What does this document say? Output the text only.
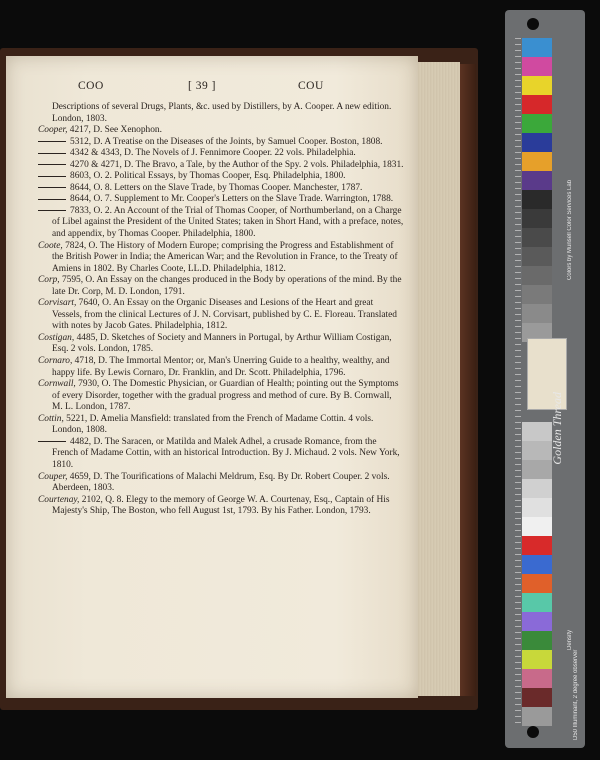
COO	[ 39 ]	COU

Descriptions of several Drugs, Plants, &c. used by Distillers, by A. Cooper. A new edition. London, 1803.

Cooper, 4217, D. See Xenophon.

5312, D. A Treatise on the Diseases of the Joints, by Samuel Cooper. Boston, 1808.

4342 & 4343, D. The Novels of J. Fennimore Cooper. 22 vols. Philadelphia.

4270 & 4271, D. The Bravo, a Tale, by the Author of the Spy. 2 vols. Philadelphia, 1831.

8603, O. 2. Political Essays, by Thomas Cooper, Esq. Philadelphia, 1800.

8644, O. 8. Letters on the Slave Trade, by Thomas Cooper. Manchester, 1787.

8644, O. 7. Supplement to Mr. Cooper's Letters on the Slave Trade. Warrington, 1788.

7833, O. 2. An Account of the Trial of Thomas Cooper, of Northumberland, on a Charge of Libel against the President of the United States; taken in Short Hand, with a preface, notes, and appendix, by Thomas Cooper. Philadelphia, 1800.

Coote, 7824, O. The History of Modern Europe; comprising the Progress and Establishment of the British Power in India; the American War; and the Revolution in France, to the Treaty of Amiens in 1802. By Charles Coote, LL.D. Philadelphia, 1812.

Corp, 7595, O. An Essay on the changes produced in the Body by operations of the mind. By the late Dr. Corp, M. D. London, 1791.

Corvisart, 7640, O. An Essay on the Organic Diseases and Lesions of the Heart and great Vessels, from the clinical Lectures of J. N. Corvisart, published by C. E. Floreau. Translated with notes by Jacob Gates. Philadelphia, 1812.

Costigan, 4485, D. Sketches of Society and Manners in Portugal, by Arthur William Costigan, Esq. 2 vols. London, 1785.

Cornaro, 4718, D. The Immortal Mentor; or, Man's Unerring Guide to a healthy, wealthy, and happy life. By Lewis Cornaro, Dr. Franklin, and Dr. Scott. Philadelphia, 1796.

Cornwall, 7930, O. The Domestic Physician, or Guardian of Health; pointing out the Symptoms of every Disorder, together with the gradual progress and method of cure. By B. Cornwall, M. L. London, 1787.

Cottin, 5221, D. Amelia Mansfield: translated from the French of Madame Cottin. 4 vols. London, 1808.

4482, D. The Saracen, or Matilda and Malek Adhel, a crusade Romance, from the French of Madame Cottin, with an historical Introduction. By J. Michaud. 2 vols. New York, 1810.

Couper, 4659, D. The Tourifications of Malachi Meldrum, Esq. By Dr. Robert Couper. 2 vols. Aberdeen, 1803.

Courtenay, 2102, Q. 8. Elegy to the memory of George W. A. Courtenay, Esq., Captain of His Majesty's Ship, The Boston, who fell August 1st, 1793. By his Father. London, 1793.

Colors by Munsell Color Services Lab
Density
D50 Illuminant, 2 degree observer
Golden Thread
